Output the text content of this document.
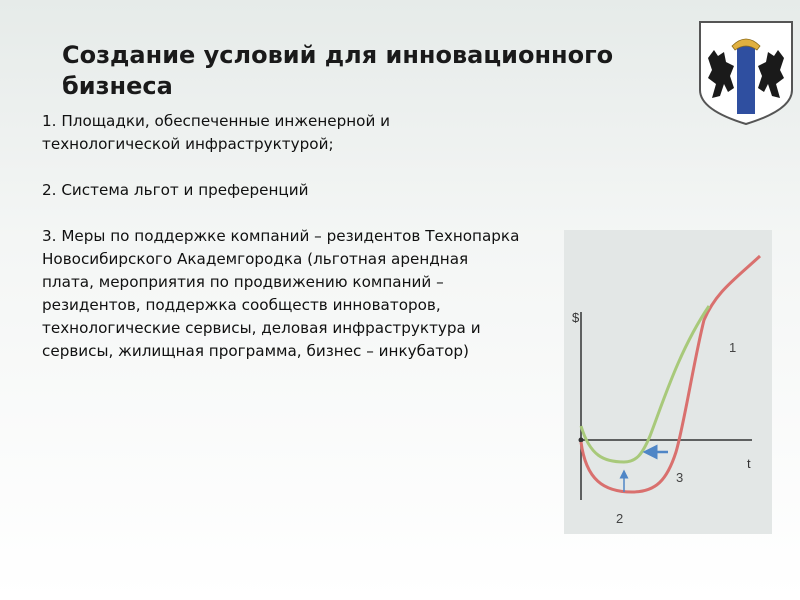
Создание условий для инновационного бизнеса

1. Площадки, обеспеченные инженерной и

технологической инфраструктурой;

2. Система льгот и преференций

3. Меры по поддержке компаний – резидентов Технопарка

Новосибирского Академгородка (льготная арендная

плата, мероприятия по продвижению компаний –

резидентов, поддержка сообществ инноваторов,

технологические сервисы, деловая инфраструктура и

сервисы, жилищная программа, бизнес – инкубатор)

$
t
1
2
3
